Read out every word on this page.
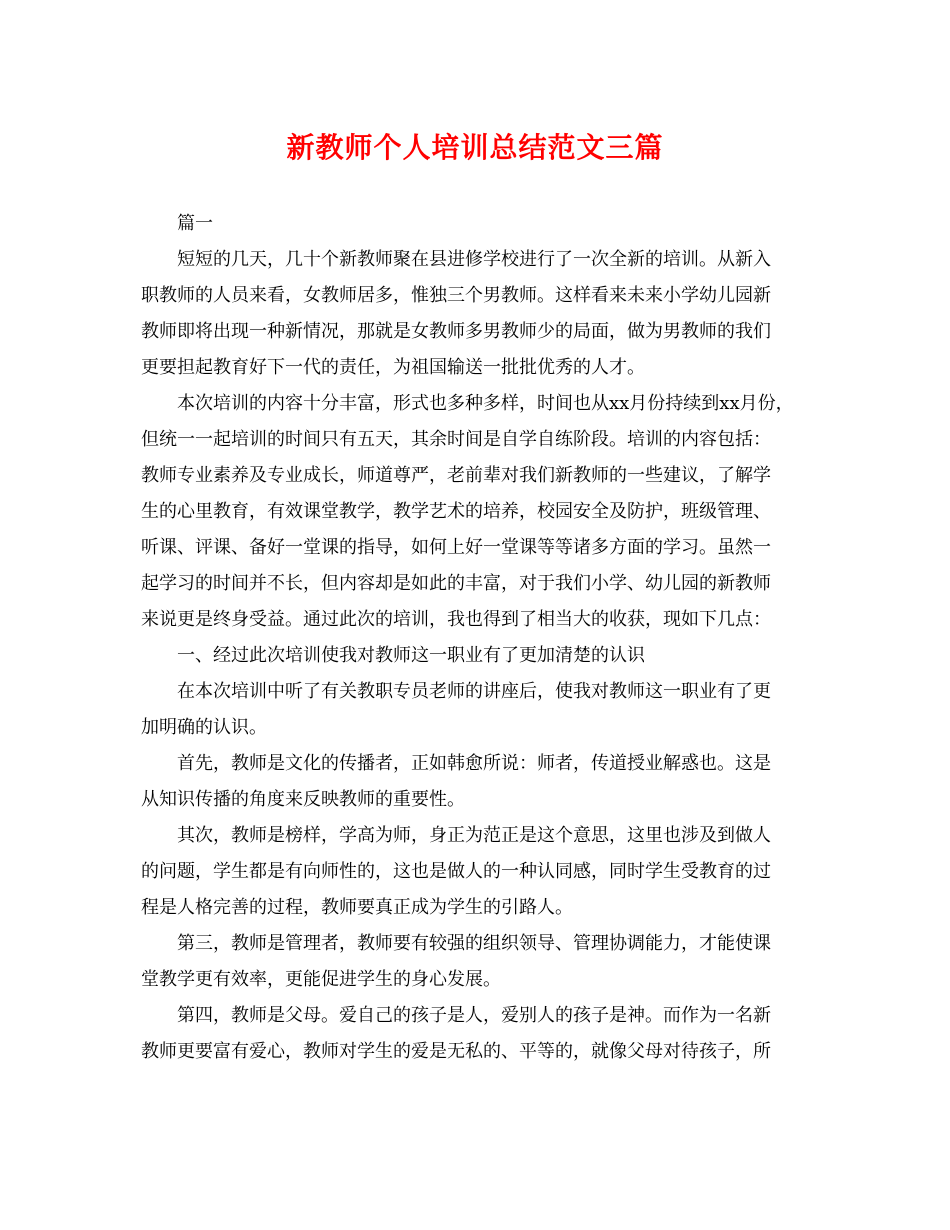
新教师个人培训总结范文三篇
篇一
短短的几天，几十个新教师聚在县进修学校进行了一次全新的培训。从新入
职教师的人员来看，女教师居多，惟独三个男教师。这样看来未来小学幼儿园新
教师即将出现一种新情况，那就是女教师多男教师少的局面，做为男教师的我们
更要担起教育好下一代的责任，为祖国输送一批批优秀的人才。
本次培训的内容十分丰富，形式也多种多样，时间也从xx月份持续到xx月份，
但统一一起培训的时间只有五天，其余时间是自学自练阶段。培训的内容包括：
教师专业素养及专业成长，师道尊严，老前辈对我们新教师的一些建议，了解学
生的心里教育，有效课堂教学，教学艺术的培养，校园安全及防护，班级管理、
听课、评课、备好一堂课的指导，如何上好一堂课等等诸多方面的学习。虽然一
起学习的时间并不长，但内容却是如此的丰富，对于我们小学、幼儿园的新教师
来说更是终身受益。通过此次的培训，我也得到了相当大的收获，现如下几点：
一、经过此次培训使我对教师这一职业有了更加清楚的认识
在本次培训中听了有关教职专员老师的讲座后，使我对教师这一职业有了更
加明确的认识。
首先，教师是文化的传播者，正如韩愈所说：师者，传道授业解惑也。这是
从知识传播的角度来反映教师的重要性。
其次，教师是榜样，学高为师，身正为范正是这个意思，这里也涉及到做人
的问题，学生都是有向师性的，这也是做人的一种认同感，同时学生受教育的过
程是人格完善的过程，教师要真正成为学生的引路人。
第三，教师是管理者，教师要有较强的组织领导、管理协调能力，才能使课
堂教学更有效率，更能促进学生的身心发展。
第四，教师是父母。爱自己的孩子是人，爱别人的孩子是神。而作为一名新
教师更要富有爱心，教师对学生的爱是无私的、平等的，就像父母对待孩子，所
